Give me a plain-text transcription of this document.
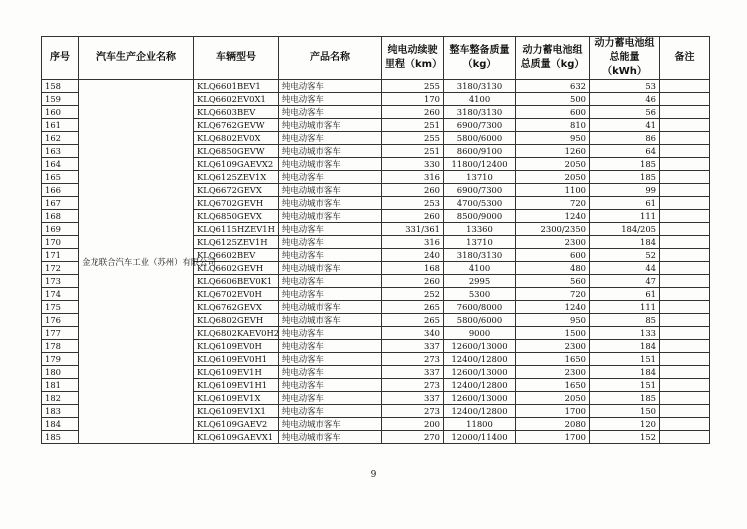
序号	汽车生产企业名称	车辆型号	产品名称	纯电动续驶里程（km）	整车整备质量（kg）	动力蓄电池组总质量（kg）	动力蓄电池组总能量（kWh）	备注
158	金龙联合汽车工业（苏州）有限公司	KLQ6601BEV1	纯电动客车	255	3180/3130	632	53	
159		KLQ6602EV0X1	纯电动客车	170	4100	500	46	
160		KLQ6603BEV	纯电动客车	260	3180/3130	600	56	
161		KLQ6762GEVW	纯电动城市客车	251	6900/7300	810	41	
162		KLQ6802EV0X	纯电动客车	255	5800/6000	950	86	
163		KLQ6850GEVW	纯电动城市客车	251	8600/9100	1260	64	
164		KLQ6109GAEVX2	纯电动城市客车	330	11800/12400	2050	185	
165		KLQ6125ZEV1X	纯电动客车	316	13710	2050	185	
166		KLQ6672GEVX	纯电动城市客车	260	6900/7300	1100	99	
167		KLQ6702GEVH	纯电动城市客车	253	4700/5300	720	61	
168		KLQ6850GEVX	纯电动城市客车	260	8500/9000	1240	111	
169		KLQ6115HZEV1H	纯电动客车	331/361	13360	2300/2350	184/205	
170		KLQ6125ZEV1H	纯电动客车	316	13710	2300	184	
171		KLQ6602BEV	纯电动客车	240	3180/3130	600	52	
172		KLQ6602GEVH	纯电动城市客车	168	4100	480	44	
173		KLQ6606BEV0K1	纯电动客车	260	2995	560	47	
174		KLQ6702EV0H	纯电动客车	252	5300	720	61	
175		KLQ6762GEVX	纯电动城市客车	265	7600/8000	1240	111	
176		KLQ6802GEVH	纯电动城市客车	265	5800/6000	950	85	
177		KLQ6802KAEV0H2	纯电动客车	340	9000	1500	133	
178		KLQ6109EV0H	纯电动客车	337	12600/13000	2300	184	
179		KLQ6109EV0H1	纯电动客车	273	12400/12800	1650	151	
180		KLQ6109EV1H	纯电动客车	337	12600/13000	2300	184	
181		KLQ6109EV1H1	纯电动客车	273	12400/12800	1650	151	
182		KLQ6109EV1X	纯电动客车	337	12600/13000	2050	185	
183		KLQ6109EV1X1	纯电动客车	273	12400/12800	1700	150	
184		KLQ6109GAEV2	纯电动城市客车	200	11800	2080	120	
185		KLQ6109GAEVX1	纯电动城市客车	270	12000/11400	1700	152	
9
